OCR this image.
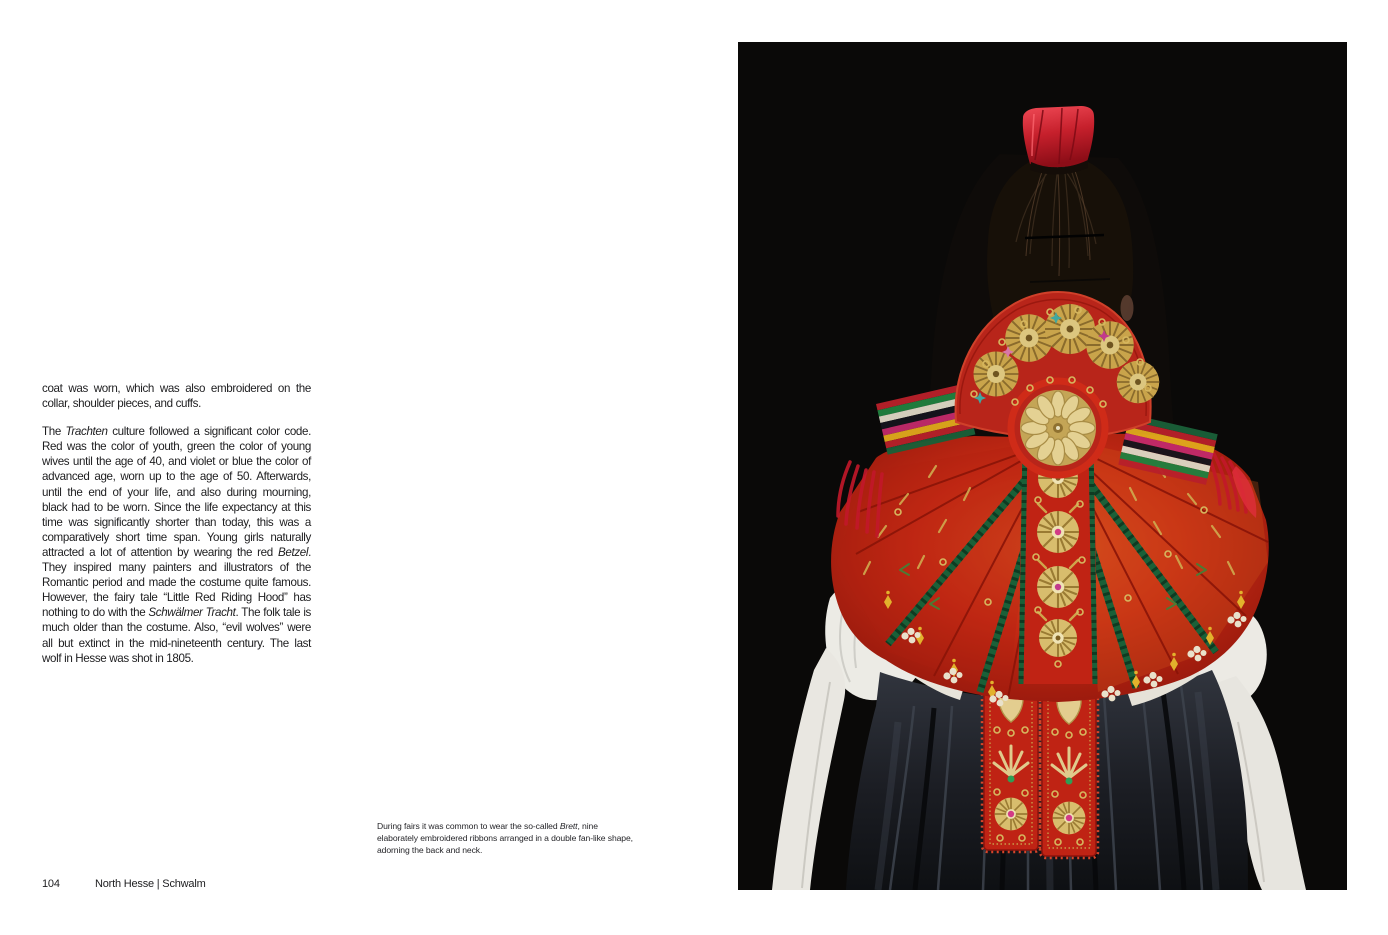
coat was worn, which was also embroidered on the collar, shoulder pieces, and cuffs.

The Trachten culture followed a significant color code. Red was the color of youth, green the color of young wives until the age of 40, and violet or blue the color of advanced age, worn up to the age of 50. Afterwards, until the end of your life, and also during mourning, black had to be worn. Since the life expectancy at this time was significantly shorter than today, this was a comparatively short time span. Young girls naturally attracted a lot of attention by wearing the red Betzel. They inspired many painters and illustrators of the Romantic period and made the costume quite famous. However, the fairy tale “Little Red Riding Hood” has nothing to do with the Schwälmer Tracht. The folk tale is much older than the costume. Also, “evil wolves” were all but extinct in the mid-nineteenth century. The last wolf in Hesse was shot in 1805.

During fairs it was common to wear the so-called Brett, nine elaborately embroidered ribbons arranged in a double fan-like shape, adorning the back and neck.
104	North Hesse | Schwalm
